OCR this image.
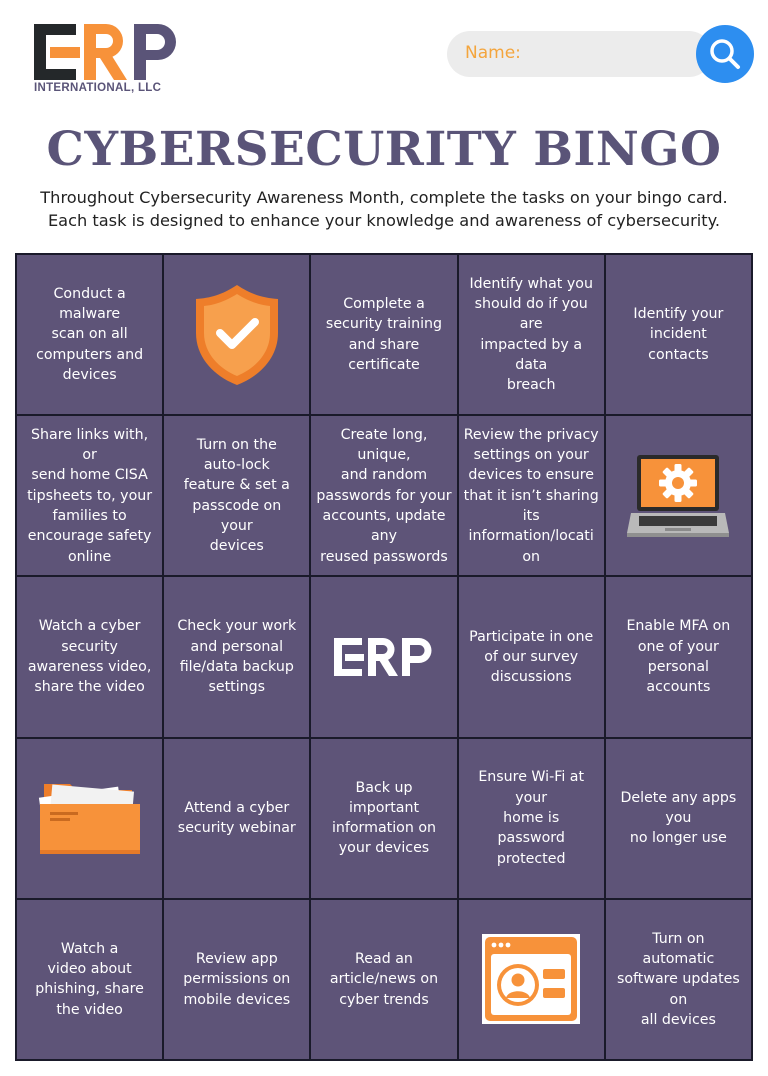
INTERNATIONAL, LLC
Name:
CYBERSECURITY BINGO
Throughout Cybersecurity Awareness Month, complete the tasks on your bingo card.
Each task is designed to enhance your knowledge and awareness of cybersecurity.
Conduct a
malware
scan on all
computers and
devices
Complete a
security training
and share
certificate
Identify what you
should do if you
are
impacted by a
data
breach
Identify your
incident
contacts
Share links with,
or
send home CISA
tipsheets to, your
families to
encourage safety
online
Turn on the
auto-lock
feature & set a
passcode on
your
devices
Create long, unique,
and random
passwords for your
accounts, update
any
reused passwords
Review the privacy
settings on your
devices to ensure
that it isn’t sharing
its
information/locati
on
Watch a cyber
security
awareness video,
share the video
Check your work
and personal
file/data backup
settings
Participate in one
of our survey
discussions
Enable MFA on
one of your
personal
accounts
Attend a cyber
security webinar
Back up
important
information on
your devices
Ensure Wi-Fi at
your
home is
password
protected
Delete any apps
you
no longer use
Watch a
video about
phishing, share
the video
Review app
permissions on
mobile devices
Read an
article/news on
cyber trends
Turn on
automatic
software updates
on
all devices
